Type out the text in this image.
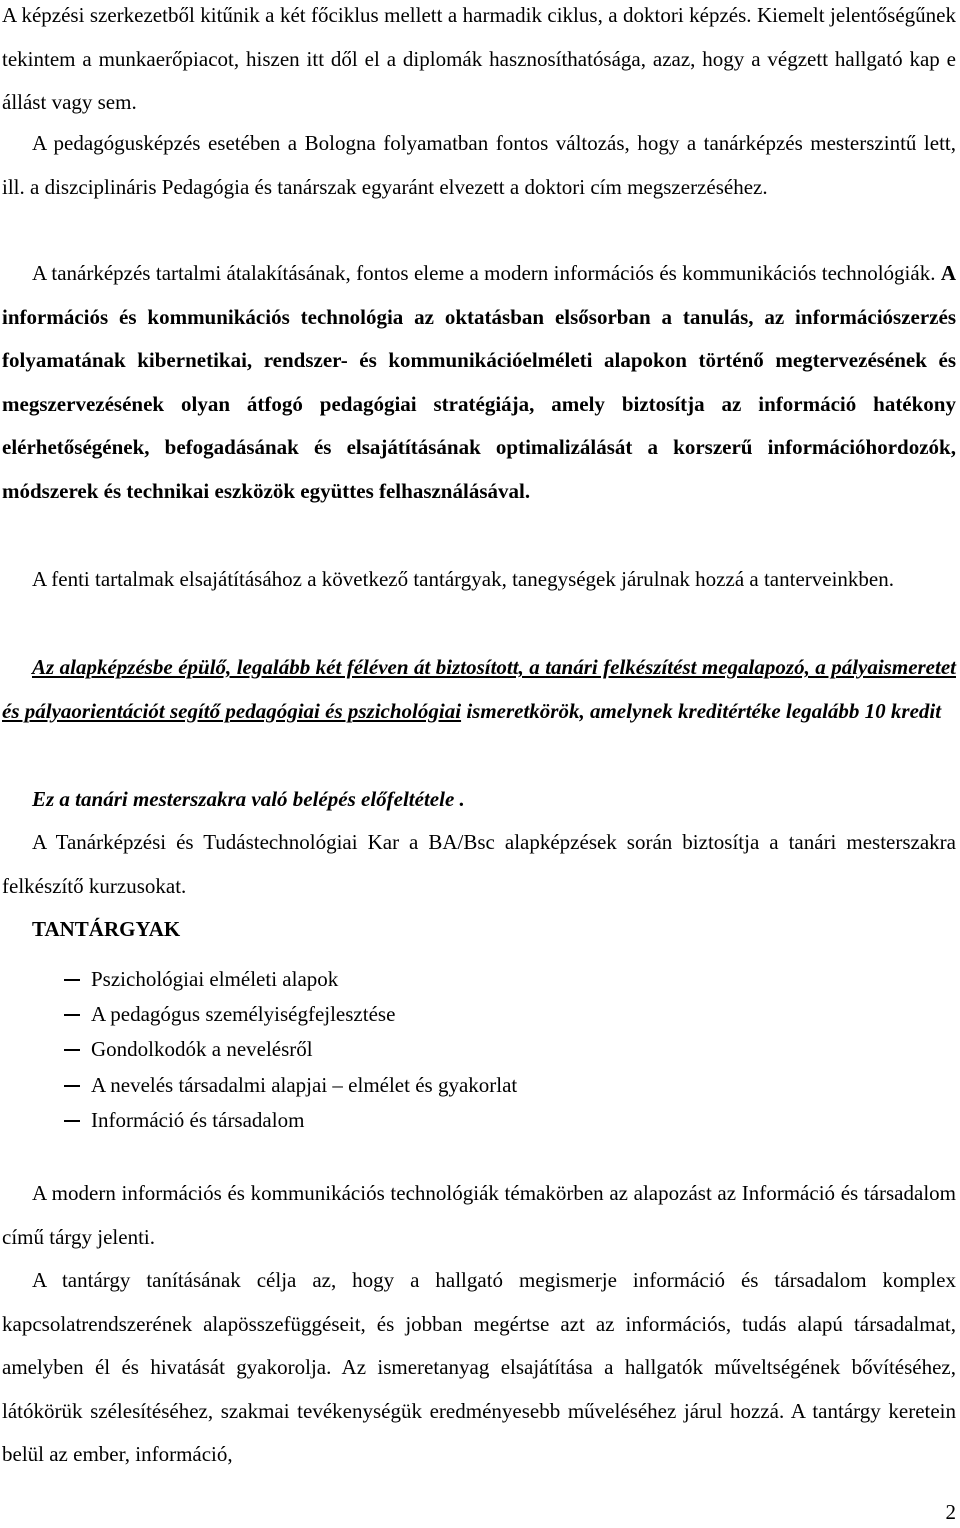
A képzési szerkezetből kitűnik a két főciklus mellett a harmadik ciklus, a doktori képzés. Kiemelt jelentőségűnek tekintem a munkaerőpiacot, hiszen itt dől el a diplomák hasznosíthatósága, azaz, hogy a végzett hallgató kap e állást vagy sem.

A pedagógusképzés esetében a Bologna folyamatban fontos változás, hogy a tanárképzés mesterszintű lett, ill. a diszciplináris Pedagógia és tanárszak egyaránt elvezett a doktori cím megszerzéséhez.

A tanárképzés tartalmi átalakításának, fontos eleme a modern információs és kommunikációs technológiák. A információs és kommunikációs technológia az oktatásban elsősorban a tanulás, az információszerzés folyamatának kibernetikai, rendszer- és kommunikációelméleti alapokon történő megtervezésének és megszervezésének olyan átfogó pedagógiai stratégiája, amely biztosítja az információ hatékony elérhetőségének, befogadásának és elsajátításának optimalizálását a korszerű információhordozók, módszerek és technikai eszközök együttes felhasználásával.

A fenti tartalmak elsajátításához a következő tantárgyak, tanegységek járulnak hozzá a tanterveinkben.

Az alapképzésbe épülő, legalább két féléven át biztosított, a tanári felkészítést megalapozó, a pályaismeretet és pályaorientációt segítő pedagógiai és pszichológiai ismeretkörök, amelynek kreditértéke legalább 10 kredit

Ez a tanári mesterszakra való belépés előfeltétele .

A Tanárképzési és Tudástechnológiai Kar a BA/Bsc alapképzések során biztosítja a tanári mesterszakra felkészítő kurzusokat.

TANTÁRGYAK
Pszichológiai elméleti alapok
A pedagógus személyiségfejlesztése
Gondolkodók a nevelésről
A nevelés társadalmi alapjai – elmélet és gyakorlat
Információ és társadalom

A modern információs és kommunikációs technológiák témakörben az alapozást az Információ és társadalom című tárgy jelenti.

A tantárgy tanításának célja az, hogy a hallgató megismerje információ és társadalom komplex kapcsolatrendszerének alapösszefüggéseit, és jobban megértse azt az információs, tudás alapú társadalmat, amelyben él és hivatását gyakorolja. Az ismeretanyag elsajátítása a hallgatók műveltségének bővítéséhez, látókörük szélesítéséhez, szakmai tevékenységük eredményesebb műveléséhez járul hozzá. A tantárgy keretein belül az ember, információ,

2
